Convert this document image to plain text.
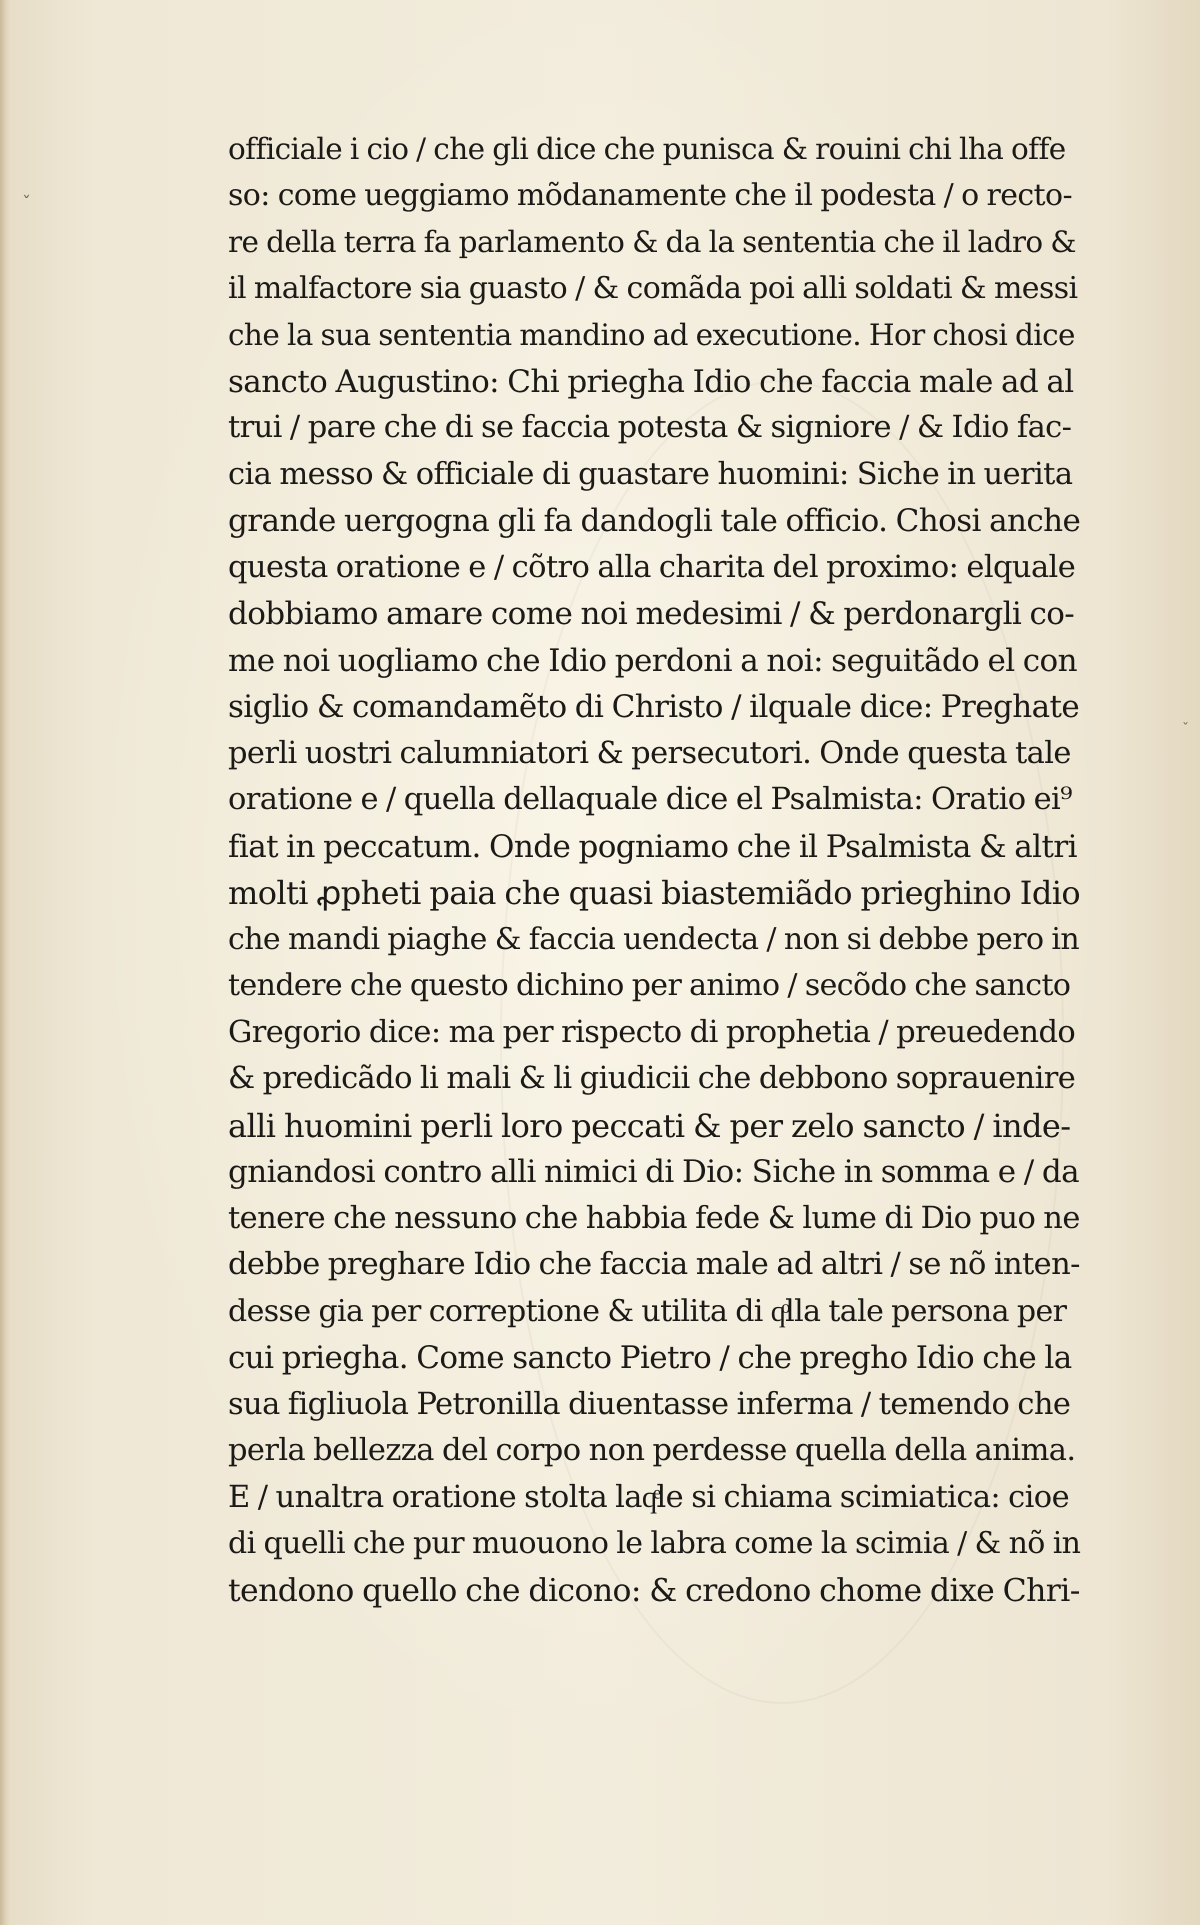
ˇ
ˇ
officiale i cio / che gli dice che punisca & rouini chi lha offe
so: come ueggiamo mõdanamente che il podesta / o recto-
re della terra fa parlamento & da la sententia che il ladro &
il malfactore sia guasto / & comãda poi alli soldati & messi
che la sua sententia mandino ad executione. Hor chosi dice
sancto Augustino: Chi priegha Idio che faccia male ad al
trui / pare che di se faccia potesta & signiore / & Idio fac-
cia messo & officiale di guastare huomini: Siche in uerita
grande uergogna gli fa dandogli tale officio. Chosi anche
questa oratione e / cõtro alla charita del proximo: elquale
dobbiamo amare come noi medesimi / & perdonargli co-
me noi uogliamo che Idio perdoni a noi: seguitãdo el con
siglio & comandamẽto di Christo / ilquale dice: Preghate
perli uostri calumniatori & persecutori. Onde questa tale
oratione e / quella dellaquale dice el Psalmista: Oratio ei⁹
fiat in peccatum. Onde pogniamo che il Psalmista & altri
molti ꝓpheti paia che quasi biastemiãdo prieghino Idio
che mandi piaghe & faccia uendecta / non si debbe pero in
tendere che questo dichino per animo / secõdo che sancto
Gregorio dice: ma per rispecto di prophetia / preuedendo
& predicãdo li mali & li giudicii che debbono soprauenire
alli huomini perli loro peccati & per zelo sancto / inde-
gniandosi contro alli nimici di Dio: Siche in somma e / da
tenere che nessuno che habbia fede & lume di Dio puo ne
debbe preghare Idio che faccia male ad altri / se nõ inten-
desse gia per correptione & utilita di qͦlla tale persona per
cui priegha. Come sancto Pietro / che pregho Idio che la
sua figliuola Petronilla diuentasse inferma / temendo che
perla bellezza del corpo non perdesse quella della anima.
E / unaltra oratione stolta laqͤle si chiama scimiatica: cioe
di quelli che pur muouono le labra come la scimia / & nõ in
tendono quello che dicono: & credono chome dixe Chri-
